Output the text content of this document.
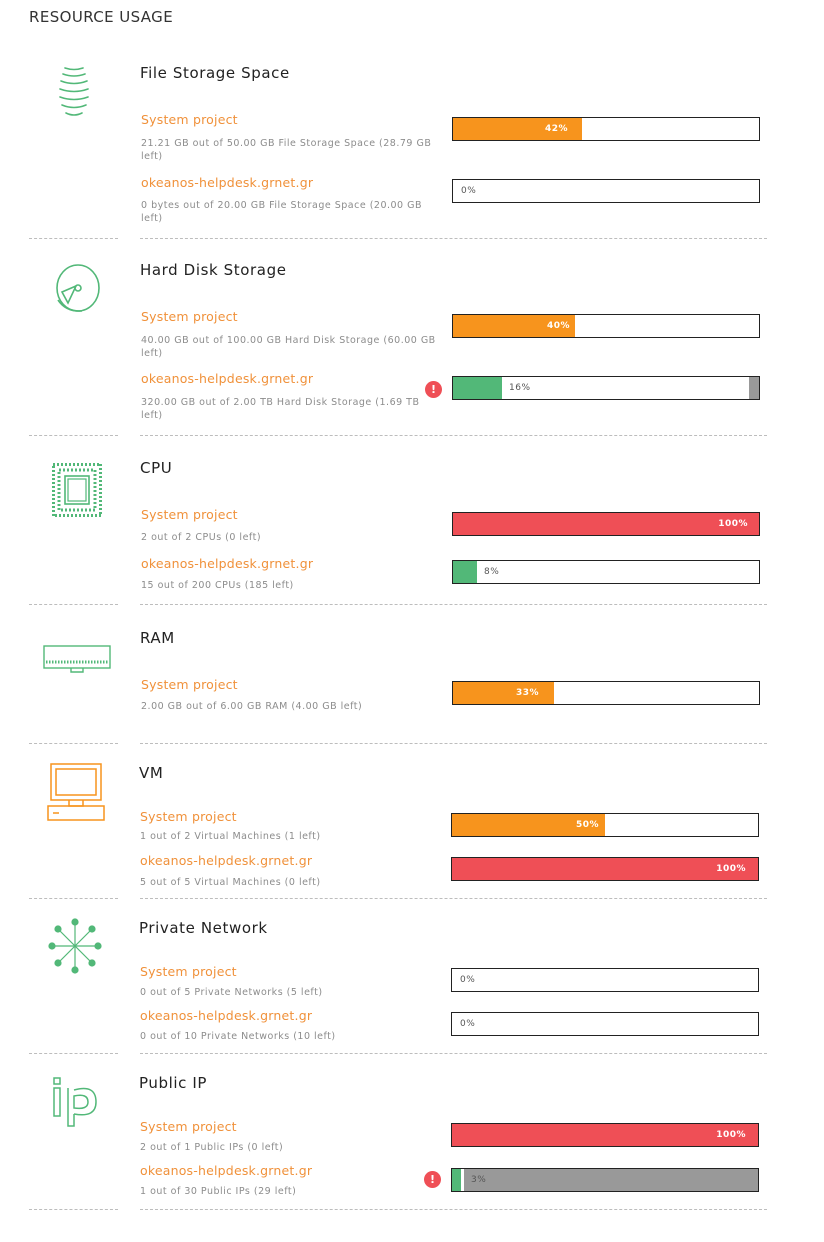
RESOURCE USAGE
File Storage Space
System project
21.21 GB out of 50.00 GB File Storage Space (28.79 GB left)
42%
okeanos-helpdesk.grnet.gr
0 bytes out of 20.00 GB File Storage Space (20.00 GB left)
0%
Hard Disk Storage
System project
40.00 GB out of 100.00 GB Hard Disk Storage (60.00 GB left)
40%
okeanos-helpdesk.grnet.gr
320.00 GB out of 2.00 TB Hard Disk Storage (1.69 TB left)
!	16%
CPU
System project
2 out of 2 CPUs (0 left)
100%
okeanos-helpdesk.grnet.gr
15 out of 200 CPUs (185 left)
8%
RAM
System project
2.00 GB out of 6.00 GB RAM (4.00 GB left)
33%
VM
System project
1 out of 2 Virtual Machines (1 left)
50%
okeanos-helpdesk.grnet.gr
5 out of 5 Virtual Machines (0 left)
100%
Private Network
System project
0 out of 5 Private Networks (5 left)
0%
okeanos-helpdesk.grnet.gr
0 out of 10 Private Networks (10 left)
0%
Public IP
System project
2 out of 1 Public IPs (0 left)
100%
okeanos-helpdesk.grnet.gr
1 out of 30 Public IPs (29 left)
!	3%
